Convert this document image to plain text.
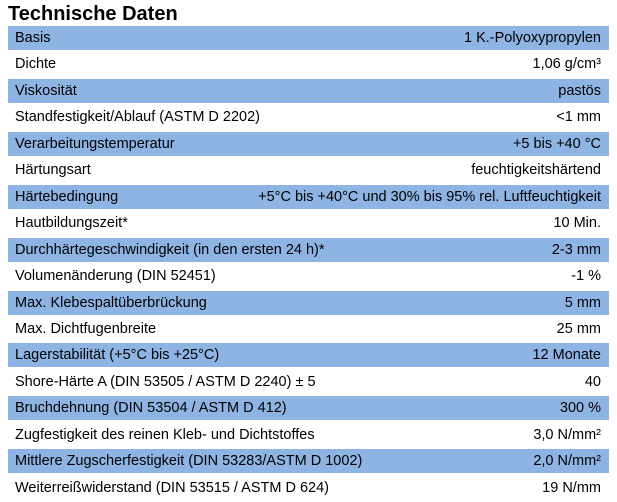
Technische Daten
Basis	1 K.-Polyoxypropylen
Dichte	1,06 g/cm³
Viskosität	pastös
Standfestigkeit/Ablauf (ASTM D 2202)	<1 mm
Verarbeitungstemperatur	+5 bis +40 °C
Härtungsart	feuchtigkeitshärtend
Härtebedingung	+5°C bis +40°C und 30% bis 95% rel. Luftfeuchtigkeit
Hautbildungszeit*	10 Min.
Durchhärtegeschwindigkeit (in den ersten 24 h)*	2-3 mm
Volumenänderung (DIN 52451)	-1 %
Max. Klebespaltüberbrückung	5 mm
Max. Dichtfugenbreite	25 mm
Lagerstabilität (+5°C bis +25°C)	12 Monate
Shore-Härte A (DIN 53505 / ASTM D 2240) ± 5	40
Bruchdehnung (DIN 53504 / ASTM D 412)	300 %
Zugfestigkeit des reinen Kleb- und Dichtstoffes	3,0 N/mm²
Mittlere Zugscherfestigkeit (DIN 53283/ASTM D 1002)	2,0 N/mm²
Weiterreißwiderstand (DIN 53515 / ASTM D 624)	19 N/mm
